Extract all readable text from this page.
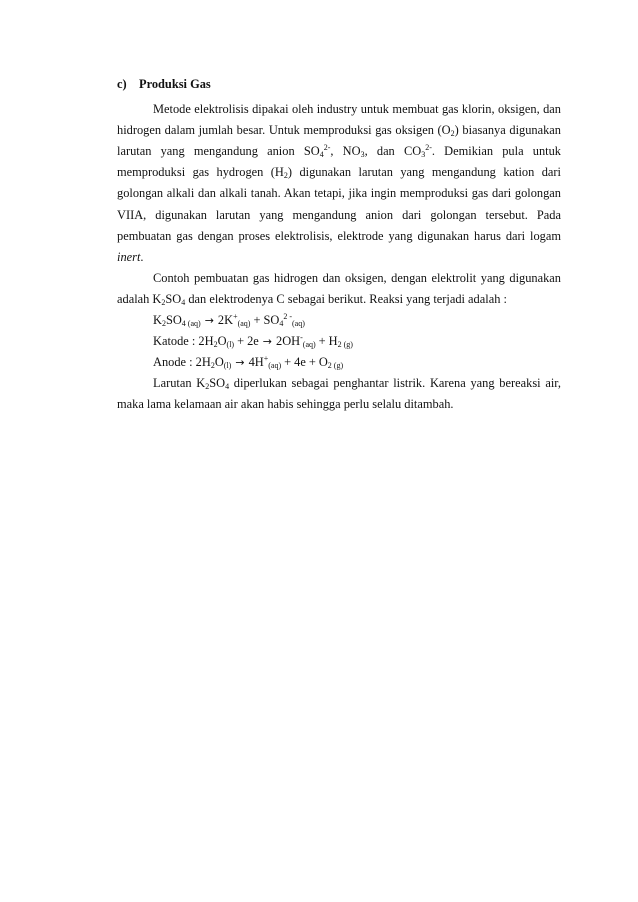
c) Produksi Gas

Metode elektrolisis dipakai oleh industry untuk membuat gas klorin, oksigen, dan hidrogen dalam jumlah besar. Untuk memproduksi gas oksigen $(O_2)$ biasanya digunakan larutan yang mengandung anion $SO_4^{2-}$, $NO_3$, dan $CO_3^{2-}$. Demikian pula untuk memproduksi gas hydrogen $(H_2)$ digunakan larutan yang mengandung kation dari golongan alkali dan alkali tanah. Akan tetapi, jika ingin memproduksi gas dari golongan VIIA, digunakan larutan yang mengandung anion dari golongan tersebut. Pada pembuatan gas dengan proses elektrolisis, elektrode yang digunakan harus dari logam inert.

Contoh pembuatan gas hidrogen dan oksigen, dengan elektrolit yang digunakan adalah $K_2SO_4$ dan elektrodenya C sebagai berikut. Reaksi yang terjadi adalah :

$K_2SO_{4 (aq)} \to 2K^+_{(aq)} + SO_4^{2 -}_{(aq)}$

Katode : $2H_2O_{(l)} + 2e \to 2OH^-_{(aq)} + H_{2 (g)}$

Anode : $2H_2O_{(l)} \to 4H^+_{(aq)} + 4e + O_{2 (g)}$

Larutan $K_2SO_4$ diperlukan sebagai penghantar listrik. Karena yang bereaksi air, maka lama kelamaan air akan habis sehingga perlu selalu ditambah.
